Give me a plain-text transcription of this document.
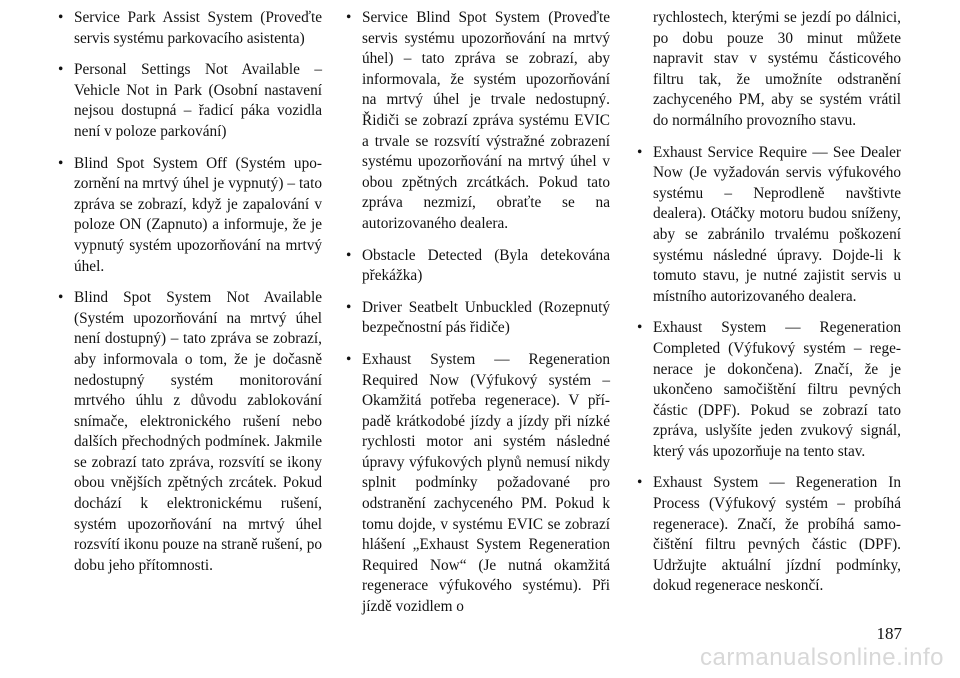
• Service Park Assist System (Proveďte servis systému parkovacího asistenta)
• Personal Settings Not Available – Vehicle Not in Park (Osobní nastavení nejsou dostupná – řadicí páka vozidla není v poloze parkování)
• Blind Spot System Off (Systém upozornění na mrtvý úhel je vypnutý) – tato zpráva se zobrazí, když je zapalování v poloze ON (Zapnuto) a informuje, že je vypnutý systém upozorňování na mrtvý úhel.
• Blind Spot System Not Available (Systém upozorňování na mrtvý úhel není dostupný) – tato zpráva se zobrazí, aby informovala o tom, že je dočasně nedostupný systém monitorování mrtvého úhlu z důvodu zablokování snímače, elektronického rušení nebo dalších přechodných podmínek. Jakmile se zobrazí tato zpráva, rozsvítí se ikony obou vnějších zpětných zrcátek. Pokud dochází k elektronickému rušení, systém upozorňování na mrtvý úhel rozsvítí ikonu pouze na straně rušení, po dobu jeho přítomnosti.
• Service Blind Spot System (Proveďte servis systému upozorňování na mrtvý úhel) – tato zpráva se zobrazí, aby informovala, že systém upozorňování na mrtvý úhel je trvale nedostupný. Řidiči se zobrazí zpráva systému EVIC a trvale se rozsvítí výstražné zobrazení systému upozorňování na mrtvý úhel v obou zpětných zrcátkách. Pokud tato zpráva nezmizí, obraťte se na autorizovaného dealera.
• Obstacle Detected (Byla detekována překážka)
• Driver Seatbelt Unbuckled (Rozepnutý bezpečnostní pás řidiče)
• Exhaust System — Regeneration Required Now (Výfukový systém – Okamžitá potřeba regenerace). V případě krátkodobé jízdy a jízdy při nízké rychlosti motor ani systém následné úpravy výfukových plynů nemusí nikdy splnit podmínky požadované pro odstranění zachyceného PM. Pokud k tomu dojde, v systému EVIC se zobrazí hlášení „Exhaust System Regeneration Required Now“ (Je nutná okamžitá regenerace výfukového systému). Při jízdě vozidlem o

rychlostech, kterými se jezdí po dálnici, po dobu pouze 30 minut můžete napravit stav v systému částicového filtru tak, že umožníte odstranění zachyceného PM, aby se systém vrátil do normálního provozního stavu.

• Exhaust Service Require — See Dealer Now (Je vyžadován servis výfukového systému – Neprodleně navštivte dealera). Otáčky motoru budou sníženy, aby se zabránilo trvalému poškození systému následné úpravy. Dojde-li k tomuto stavu, je nutné zajistit servis u místního autorizovaného dealera.
• Exhaust System — Regeneration Completed (Výfukový systém – regenerace je dokončena). Značí, že je ukončeno samočištění filtru pevných částic (DPF). Pokud se zobrazí tato zpráva, uslyšíte jeden zvukový signál, který vás upozorňuje na tento stav.
• Exhaust System — Regeneration In Process (Výfukový systém – probíhá regenerace). Značí, že probíhá samočištění filtru pevných částic (DPF). Udržujte aktuální jízdní podmínky, dokud regenerace neskončí.
187
carmanualsonline.info
